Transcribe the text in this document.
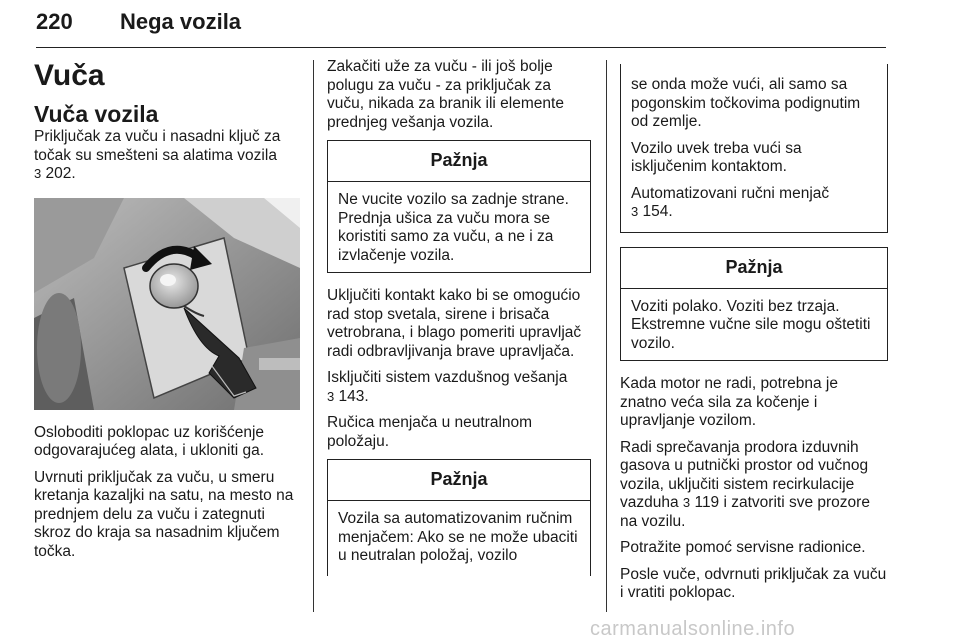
220 Nega vozila
Vuča
Vuča vozila

Priključak za vuču i nasadni ključ za točak su smešteni sa alatima vozila
3 202.

Osloboditi poklopac uz korišćenje odgovarajućeg alata, i ukloniti ga.

Uvrnuti priključak za vuču, u smeru kretanja kazaljki na satu, na mesto na prednjem delu za vuču i zategnuti skroz do kraja sa nasadnim ključem točka.

Zakačiti uže za vuču - ili još bolje polugu za vuču - za priključak za vuču, nikada za branik ili elemente prednjeg vešanja vozila.

Pažnja

Ne vucite vozilo sa zadnje strane. Prednja ušica za vuču mora se koristiti samo za vuču, a ne i za izvlačenje vozila.

Uključiti kontakt kako bi se omogućio rad stop svetala, sirene i brisača vetrobrana, i blago pomeriti upravljač radi odbravljivanja brave upravljača.

Isključiti sistem vazdušnog vešanja
3 143.

Ručica menjača u neutralnom položaju.

Pažnja

Vozila sa automatizovanim ručnim menjačem: Ako se ne može ubaciti u neutralan položaj, vozilo

se onda može vući, ali samo sa pogonskim točkovima podignutim od zemlje.

Vozilo uvek treba vući sa isključenim kontaktom.

Automatizovani ručni menjač
3 154.

Pažnja

Voziti polako. Voziti bez trzaja. Ekstremne vučne sile mogu oštetiti vozilo.

Kada motor ne radi, potrebna je znatno veća sila za kočenje i upravljanje vozilom.

Radi sprečavanja prodora izduvnih gasova u putnički prostor od vučnog vozila, uključiti sistem recirkulacije vazduha 3 119 i zatvoriti sve prozore na vozilu.

Potražite pomoć servisne radionice.

Posle vuče, odvrnuti priključak za vuču i vratiti poklopac.

carmanualsonline.info
